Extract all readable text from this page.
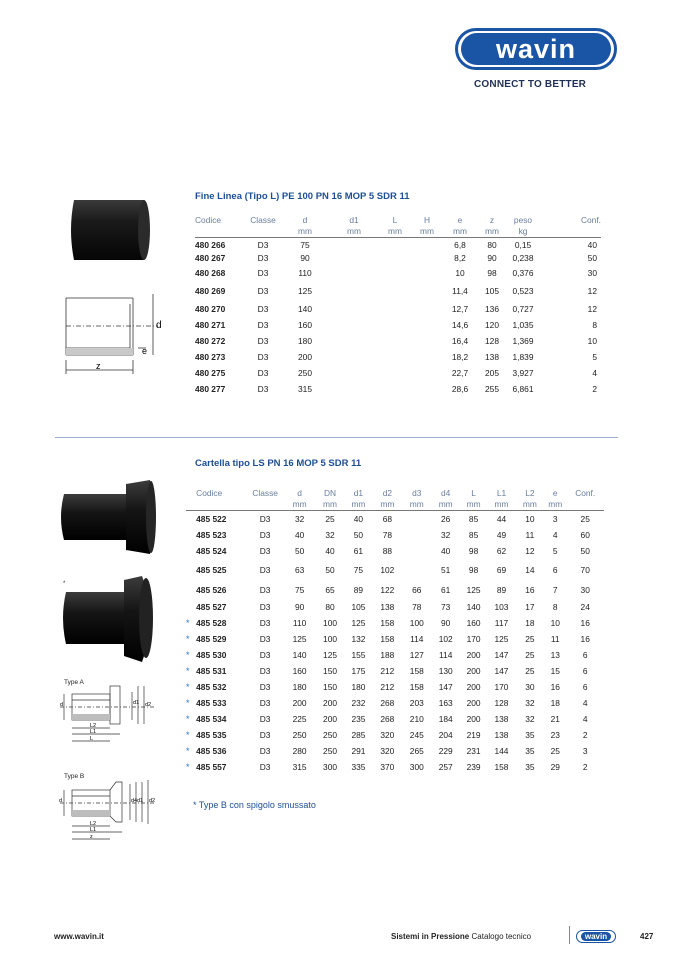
wavin
CONNECT TO BETTER
Fine Linea (Tipo L) PE 100 PN 16 MOP 5 SDR 11
d
e
z
Codice	Classe	d	d1	L	H	e	z	peso	Conf.
		mm	mm	mm	mm	mm	mm	kg	
480 266	D3	75				6,8	80	0,15	40
480 267	D3	90				8,2	90	0,238	50
480 268	D3	110				10	98	0,376	30
480 269	D3	125				11,4	105	0,523	12
480 270	D3	140				12,7	136	0,727	12
480 271	D3	160				14,6	120	1,035	8
480 272	D3	180				16,4	128	1,369	10
480 273	D3	200				18,2	138	1,839	5
480 275	D3	250				22,7	205	3,927	4
480 277	D3	315				28,6	255	6,861	2
Cartella tipo LS PN 16 MOP 5 SDR 11
*
Type A
d2
d1
d
L2
L1
L
Type B
d4 d1 d2
d
L2
L1
z
	Codice	Classe	d	DN	d1	d2	d3	d4	L	L1	L2	e	Conf.
			mm	mm	mm	mm	mm	mm	mm	mm	mm	mm	
	485 522	D3	32	25	40	68		26	85	44	10	3	25
	485 523	D3	40	32	50	78		32	85	49	11	4	60
	485 524	D3	50	40	61	88		40	98	62	12	5	50
	485 525	D3	63	50	75	102		51	98	69	14	6	70
	485 526	D3	75	65	89	122	66	61	125	89	16	7	30
	485 527	D3	90	80	105	138	78	73	140	103	17	8	24
*	485 528	D3	110	100	125	158	100	90	160	117	18	10	16
*	485 529	D3	125	100	132	158	114	102	170	125	25	11	16
*	485 530	D3	140	125	155	188	127	114	200	147	25	13	6
*	485 531	D3	160	150	175	212	158	130	200	147	25	15	6
*	485 532	D3	180	150	180	212	158	147	200	170	30	16	6
*	485 533	D3	200	200	232	268	203	163	200	128	32	18	4
*	485 534	D3	225	200	235	268	210	184	200	138	32	21	4
*	485 535	D3	250	250	285	320	245	204	219	138	35	23	2
*	485 536	D3	280	250	291	320	265	229	231	144	35	25	3
*	485 557	D3	315	300	335	370	300	257	239	158	35	29	2
* Type B con spigolo smussato
www.wavin.it	Sistemi in Pressione Catalogo tecnico	wavin	427
